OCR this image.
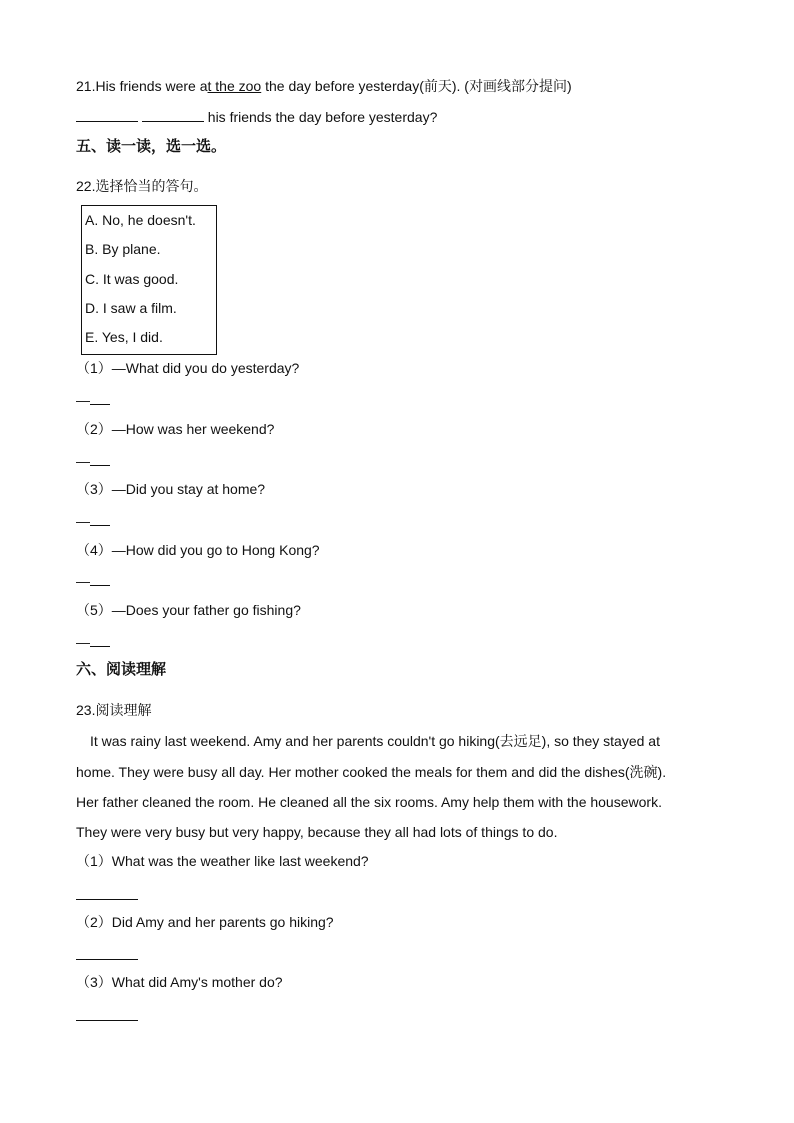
21.His friends were at the zoo the day before yesterday(前天). (对画线部分提问)
his friends the day before yesterday?
五、读一读，选一选。
22.选择恰当的答句。
A. No, he doesn't.
B. By plane.
C. It was good.
D. I saw a film.
E. Yes, I did.
（1）—What did you do yesterday?
—
（2）—How was her weekend?
—
（3）—Did you stay at home?
—
（4）—How did you go to Hong Kong?
—
（5）—Does your father go fishing?
—
六、阅读理解
23.阅读理解
It was rainy last weekend. Amy and her parents couldn't go hiking(去远足), so they stayed at
home. They were busy all day. Her mother cooked the meals for them and did the dishes(洗碗).
Her father cleaned the room. He cleaned all the six rooms. Amy help them with the housework.
They were very busy but very happy, because they all had lots of things to do.
（1）What was the weather like last weekend?
（2）Did Amy and her parents go hiking?
（3）What did Amy's mother do?
